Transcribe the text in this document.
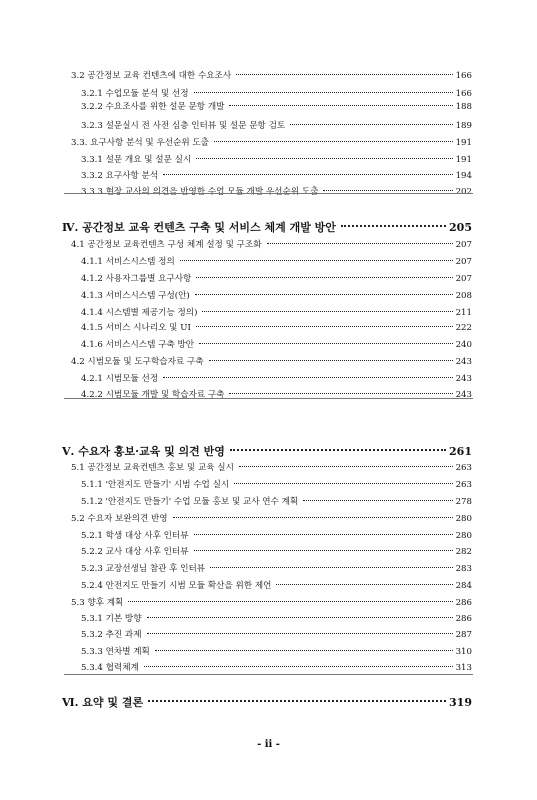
3.2 공간정보 교육 컨텐츠에 대한 수요조사	166
3.2.1 수업모듈 분석 및 선정	166
3.2.2 수요조사를 위한 설문 문항 개발	188
3.2.3 설문실시 전 사전 심층 인터뷰 및 설문 문항 검토	189
3.3. 요구사항 분석 및 우선순위 도출	191
3.3.1 설문 개요 및 설문 실시	191
3.3.2 요구사항 분석	194
3.3.3 현장 교사의 의견을 반영한 수업 모듈 개발 우선순위 도출	202
Ⅳ. 공간정보 교육 컨텐츠 구축 및 서비스 체계 개발 방안	205
4.1 공간정보 교육컨텐츠 구성 체계 설정 및 구조화	207
4.1.1 서비스시스템 정의	207
4.1.2 사용자그룹별 요구사항	207
4.1.3 서비스시스템 구성(안)	208
4.1.4 시스템별 제공기능 정의)	211
4.1.5 서비스 시나리오 및 UI	222
4.1.6 서비스시스템 구축 방안	240
4.2 시범모듈 및 도구학습자료 구축	243
4.2.1 시범모듈 선정	243
4.2.2 시범모듈 개발 및 학습자료 구축	243
Ⅴ. 수요자 홍보·교육 및 의견 반영	261
5.1 공간정보 교육컨텐츠 홍보 및 교육 실시	263
5.1.1 '안전지도 만들기' 시범 수업 실시	263
5.1.2 '안전지도 만들기' 수업 모듈 홍보 및 교사 연수 계획	278
5.2 수요자 보완의견 반영	280
5.2.1 학생 대상 사후 인터뷰	280
5.2.2 교사 대상 사후 인터뷰	282
5.2.3 교장선생님 참관 후 인터뷰	283
5.2.4 안전지도 만들기 시범 모듈 확산을 위한 제언	284
5.3 향후 계획	286
5.3.1 기본 방향	286
5.3.2 추진 과제	287
5.3.3 연차별 계획	310
5.3.4 협력체계	313
Ⅵ. 요약 및 결론	319
- ii -
